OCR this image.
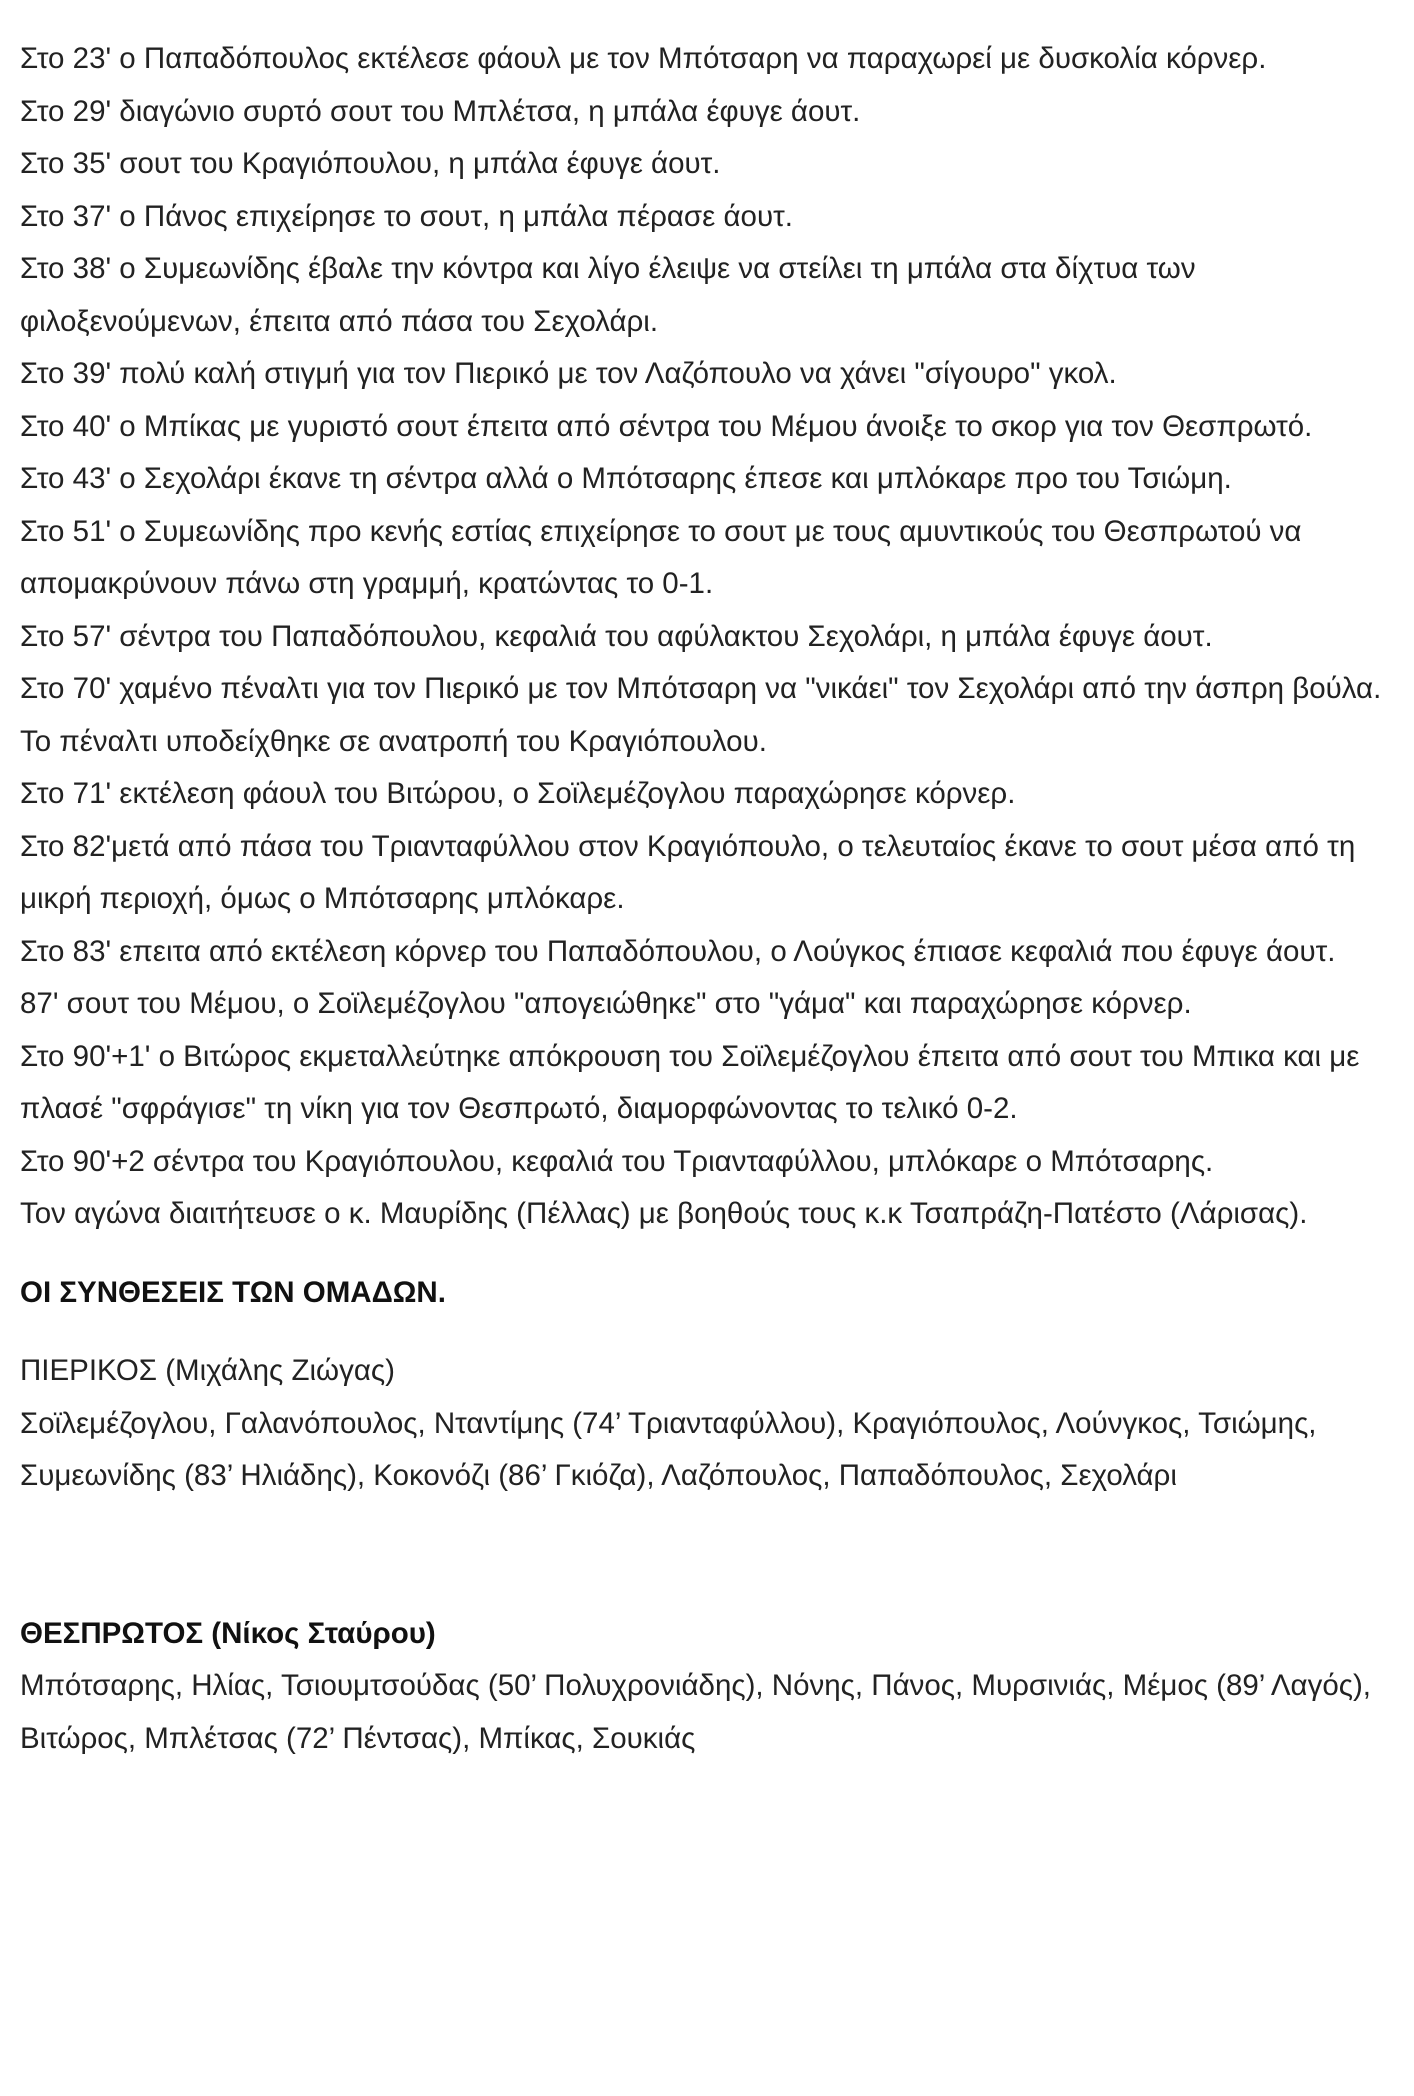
Στο 23' ο Παπαδόπουλος εκτέλεσε φάουλ με τον Μπότσαρη να παραχωρεί με δυσκολία κόρνερ.

Στο 29' διαγώνιο συρτό σουτ του Μπλέτσα, η μπάλα έφυγε άουτ.

Στο 35' σουτ του Κραγιόπουλου, η μπάλα έφυγε άουτ.

Στο 37' ο Πάνος επιχείρησε το σουτ, η μπάλα πέρασε άουτ.

Στο 38' ο Συμεωνίδης έβαλε την κόντρα και λίγο έλειψε να στείλει τη μπάλα στα δίχτυα των φιλοξενούμενων, έπειτα από πάσα του Σεχολάρι.

Στο 39' πολύ καλή στιγμή για τον Πιερικό με τον Λαζόπουλο να χάνει "σίγουρο" γκολ.

Στο 40' ο Μπίκας με γυριστό σουτ έπειτα από σέντρα του Μέμου άνοιξε το σκορ για τον Θεσπρωτό.

Στο 43' ο Σεχολάρι έκανε τη σέντρα αλλά ο Μπότσαρης έπεσε και μπλόκαρε προ του Τσιώμη.

Στο 51' ο Συμεωνίδης προ κενής εστίας επιχείρησε το σουτ με τους αμυντικούς του Θεσπρωτού να απομακρύνουν πάνω στη γραμμή, κρατώντας το 0-1.

Στο 57' σέντρα του Παπαδόπουλου, κεφαλιά του αφύλακτου Σεχολάρι, η μπάλα έφυγε άουτ.

Στο 70' χαμένο πέναλτι για τον Πιερικό με τον Μπότσαρη να "νικάει" τον Σεχολάρι από την άσπρη βούλα. Το πέναλτι υποδείχθηκε σε ανατροπή του Κραγιόπουλου.

Στο 71' εκτέλεση φάουλ του Βιτώρου, ο Σοϊλεμέζογλου παραχώρησε κόρνερ.

Στο 82'μετά από πάσα του Τριανταφύλλου στον Κραγιόπουλο, ο τελευταίος έκανε το σουτ μέσα από τη μικρή περιοχή, όμως ο Μπότσαρης μπλόκαρε.

Στο 83' επειτα από εκτέλεση κόρνερ του Παπαδόπουλου, ο Λούγκος έπιασε κεφαλιά που έφυγε άουτ.

87' σουτ του Μέμου, ο Σοϊλεμέζογλου "απογειώθηκε" στο "γάμα" και παραχώρησε κόρνερ.

Στο 90'+1' ο Βιτώρος εκμεταλλεύτηκε απόκρουση του Σοϊλεμέζογλου έπειτα από σουτ του Μπικα και με πλασέ "σφράγισε" τη νίκη για τον Θεσπρωτό, διαμορφώνοντας το τελικό 0-2.

Στο 90'+2 σέντρα του Κραγιόπουλου, κεφαλιά του Τριανταφύλλου, μπλόκαρε ο Μπότσαρης.

Τον αγώνα διαιτήτευσε ο κ. Μαυρίδης (Πέλλας) με βοηθούς τους κ.κ Τσαπράζη-Πατέστο (Λάρισας).

ΟΙ ΣΥΝΘΕΣΕΙΣ ΤΩΝ ΟΜΑΔΩΝ.

ΠΙΕΡΙΚΟΣ (Μιχάλης Ζιώγας)

Σοϊλεμέζογλου, Γαλανόπουλος, Νταντίμης (74’ Τριανταφύλλου), Κραγιόπουλος, Λούνγκος, Τσιώμης, Συμεωνίδης (83’ Ηλιάδης), Κοκονόζι (86’ Γκιόζα), Λαζόπουλος, Παπαδόπουλος, Σεχολάρι

ΘΕΣΠΡΩΤΟΣ (Νίκος Σταύρου)

Μπότσαρης, Ηλίας, Τσιουμτσούδας (50’ Πολυχρονιάδης), Νόνης, Πάνος, Μυρσινιάς, Μέμος (89’ Λαγός), Βιτώρος, Μπλέτσας (72’ Πέντσας), Μπίκας, Σουκιάς
